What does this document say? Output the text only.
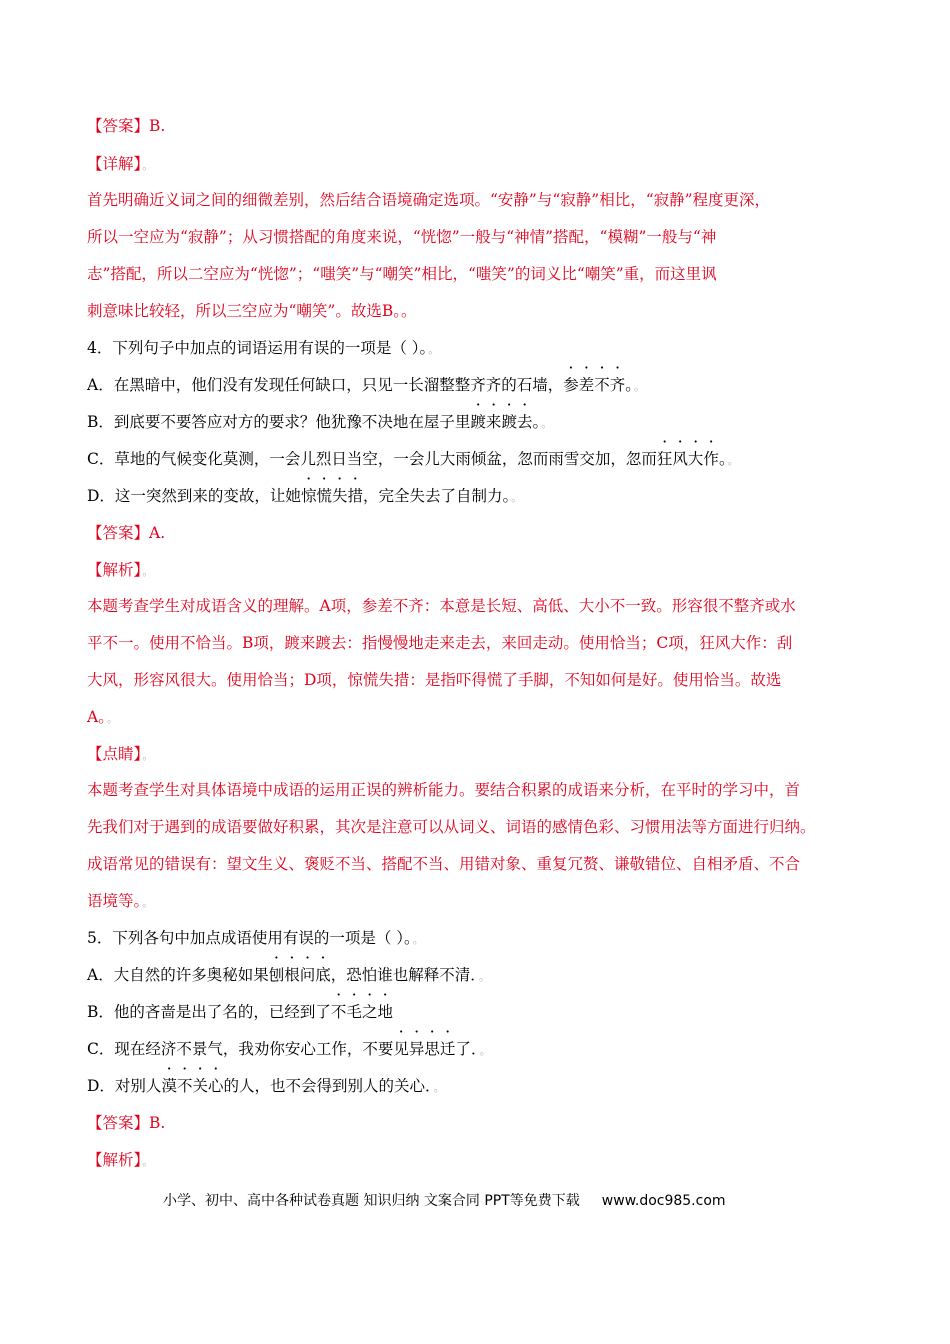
【答案】B.
【详解】。
首先明确近义词之间的细微差别，然后结合语境确定选项。“安静”与“寂静”相比，“寂静”程度更深，
所以一空应为“寂静”；从习惯搭配的角度来说，“恍惚”一般与“神情”搭配，“模糊”一般与“神
志”搭配，所以二空应为“恍惚”；“嗤笑”与“嘲笑”相比，“嗤笑”的词义比“嘲笑”重，而这里讽
刺意味比较轻，所以三空应为“嘲笑”。故选B。。
4．下列句子中加点的词语运用有误的一项是（ ）。。
A．在黑暗中，他们没有发现任何缺口，只见一长溜整整齐齐的石墙，参差不齐。。
B．到底要不要答应对方的要求？他犹豫不决地在屋子里踱来踱去。。
C．草地的气候变化莫测，一会儿烈日当空，一会儿大雨倾盆，忽而雨雪交加，忽而狂风大作。。
D．这一突然到来的变故，让她惊慌失措，完全失去了自制力。。
【答案】A.
【解析】。
本题考查学生对成语含义的理解。A项，参差不齐：本意是长短、高低、大小不一致。形容很不整齐或水
平不一。使用不恰当。B项，踱来踱去：指慢慢地走来走去，来回走动。使用恰当；C项，狂风大作：刮
大风，形容风很大。使用恰当；D项，惊慌失措：是指吓得慌了手脚，不知如何是好。使用恰当。故选
A。。
【点睛】。
本题考查学生对具体语境中成语的运用正误的辨析能力。要结合积累的成语来分析，在平时的学习中，首
先我们对于遇到的成语要做好积累，其次是注意可以从词义、词语的感情色彩、习惯用法等方面进行归纳。
成语常见的错误有：望文生义、褒贬不当、搭配不当、用错对象、重复冗赘、谦敬错位、自相矛盾、不合
语境等。。
5．下列各句中加点成语使用有误的一项是（ ）。。
A．大自然的许多奥秘如果刨根问底，恐怕谁也解释不清．。
B．他的吝啬是出了名的，已经到了不毛之地
C．现在经济不景气，我劝你安心工作，不要见异思迁了．。
D．对别人漠不关心的人，也不会得到别人的关心．。
【答案】B.
【解析】。
小学、初中、高中各种试卷真题 知识归纳 文案合同 PPT等免费下载 www.doc985.com
